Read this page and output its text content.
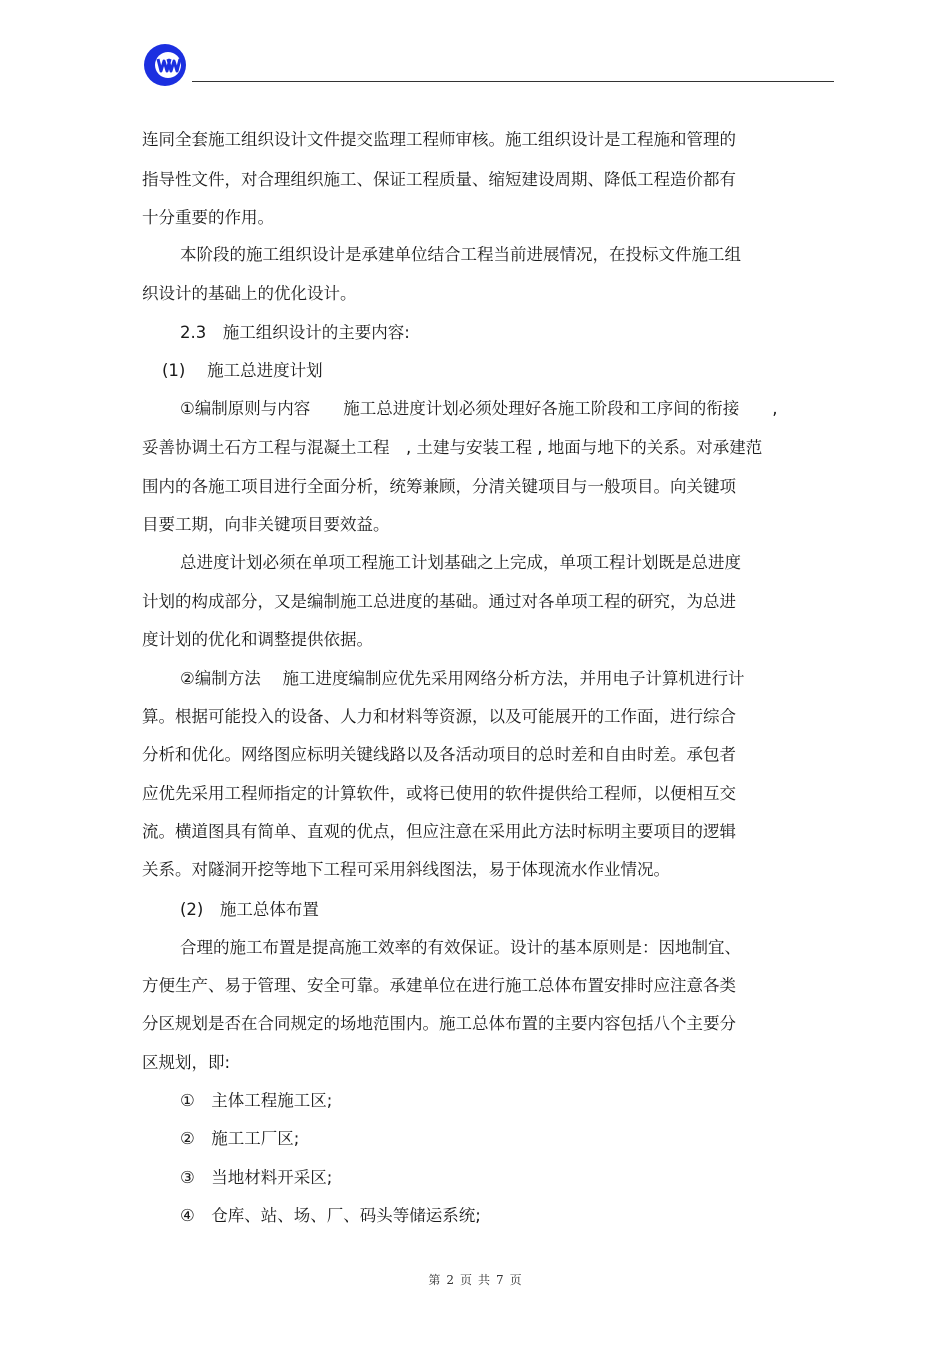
连同全套施工组织设计文件提交监理工程师审核。施工组织设计是工程施和管理的
指导性文件，对合理组织施工、保证工程质量、缩短建设周期、降低工程造价都有
十分重要的作用。
本阶段的施工组织设计是承建单位结合工程当前进展情况，在投标文件施工组
织设计的基础上的优化设计。
2.3　施工组织设计的主要内容:
(1)　 施工总进度计划
①编制原则与内容　　施工总进度计划必须处理好各施工阶段和工序间的衔接　　,
妥善协调土石方工程与混凝土工程　, 土建与安装工程 , 地面与地下的关系。对承建范
围内的各施工项目进行全面分析，统筹兼顾，分清关键项目与一般项目。向关键项
目要工期，向非关键项目要效益。
总进度计划必须在单项工程施工计划基础之上完成，单项工程计划既是总进度
计划的构成部分，又是编制施工总进度的基础。通过对各单项工程的研究，为总进
度计划的优化和调整提供依据。
②编制方法　 施工进度编制应优先采用网络分析方法，并用电子计算机进行计
算。根据可能投入的设备、人力和材料等资源，以及可能展开的工作面，进行综合
分析和优化。网络图应标明关键线路以及各活动项目的总时差和自由时差。承包者
应优先采用工程师指定的计算软件，或将已使用的软件提供给工程师，以便相互交
流。横道图具有简单、直观的优点，但应注意在采用此方法时标明主要项目的逻辑
关系。对隧洞开挖等地下工程可采用斜线图法，易于体现流水作业情况。
(2)　施工总体布置
合理的施工布置是提高施工效率的有效保证。设计的基本原则是：因地制宜、
方便生产、易于管理、安全可靠。承建单位在进行施工总体布置安排时应注意各类
分区规划是否在合同规定的场地范围内。施工总体布置的主要内容包括八个主要分
区规划，即:
①　主体工程施工区;
②　施工工厂区;
③　当地材料开采区;
④　仓库、站、场、厂、码头等储运系统;
第 2 页 共 7 页
